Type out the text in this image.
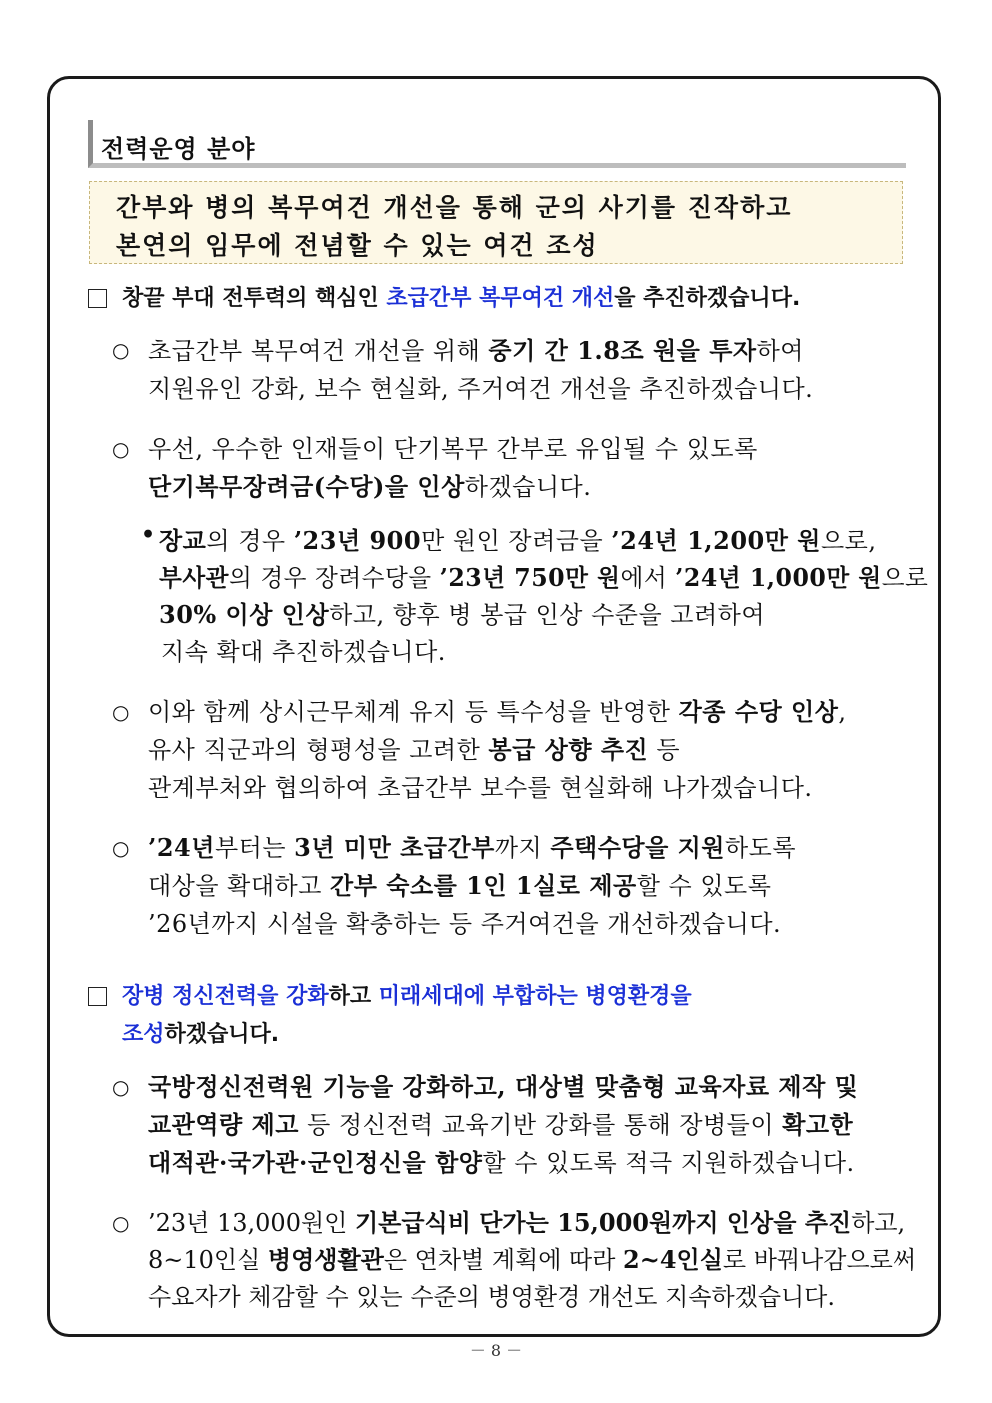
전력운영 분야
간부와 병의 복무여건 개선을 통해 군의 사기를 진작하고
본연의 임무에 전념할 수 있는 여건 조성
창끝 부대 전투력의 핵심인 초급간부 복무여건 개선을 추진하겠습니다.
○ 초급간부 복무여건 개선을 위해 중기 간 1.8조 원을 투자하여
지원유인 강화, 보수 현실화, 주거여건 개선을 추진하겠습니다.
○ 우선, 우수한 인재들이 단기복무 간부로 유입될 수 있도록
단기복무장려금(수당)을 인상하겠습니다.
• 장교의 경우 ’23년 900만 원인 장려금을 ’24년 1,200만 원으로,
부사관의 경우 장려수당을 ’23년 750만 원에서 ’24년 1,000만 원으로
30% 이상 인상하고, 향후 병 봉급 인상 수준을 고려하여
지속 확대 추진하겠습니다.
○ 이와 함께 상시근무체계 유지 등 특수성을 반영한 각종 수당 인상,
유사 직군과의 형평성을 고려한 봉급 상향 추진 등
관계부처와 협의하여 초급간부 보수를 현실화해 나가겠습니다.
○ ’24년부터는 3년 미만 초급간부까지 주택수당을 지원하도록
대상을 확대하고 간부 숙소를 1인 1실로 제공할 수 있도록
’26년까지 시설을 확충하는 등 주거여건을 개선하겠습니다.
장병 정신전력을 강화하고 미래세대에 부합하는 병영환경을
조성하겠습니다.
○ 국방정신전력원 기능을 강화하고, 대상별 맞춤형 교육자료 제작 및
교관역량 제고 등 정신전력 교육기반 강화를 통해 장병들이 확고한
대적관·국가관·군인정신을 함양할 수 있도록 적극 지원하겠습니다.
○ ’23년 13,000원인 기본급식비 단가는 15,000원까지 인상을 추진하고,
8~10인실 병영생활관은 연차별 계획에 따라 2~4인실로 바꿔나감으로써
수요자가 체감할 수 있는 수준의 병영환경 개선도 지속하겠습니다.
－ 8 －
